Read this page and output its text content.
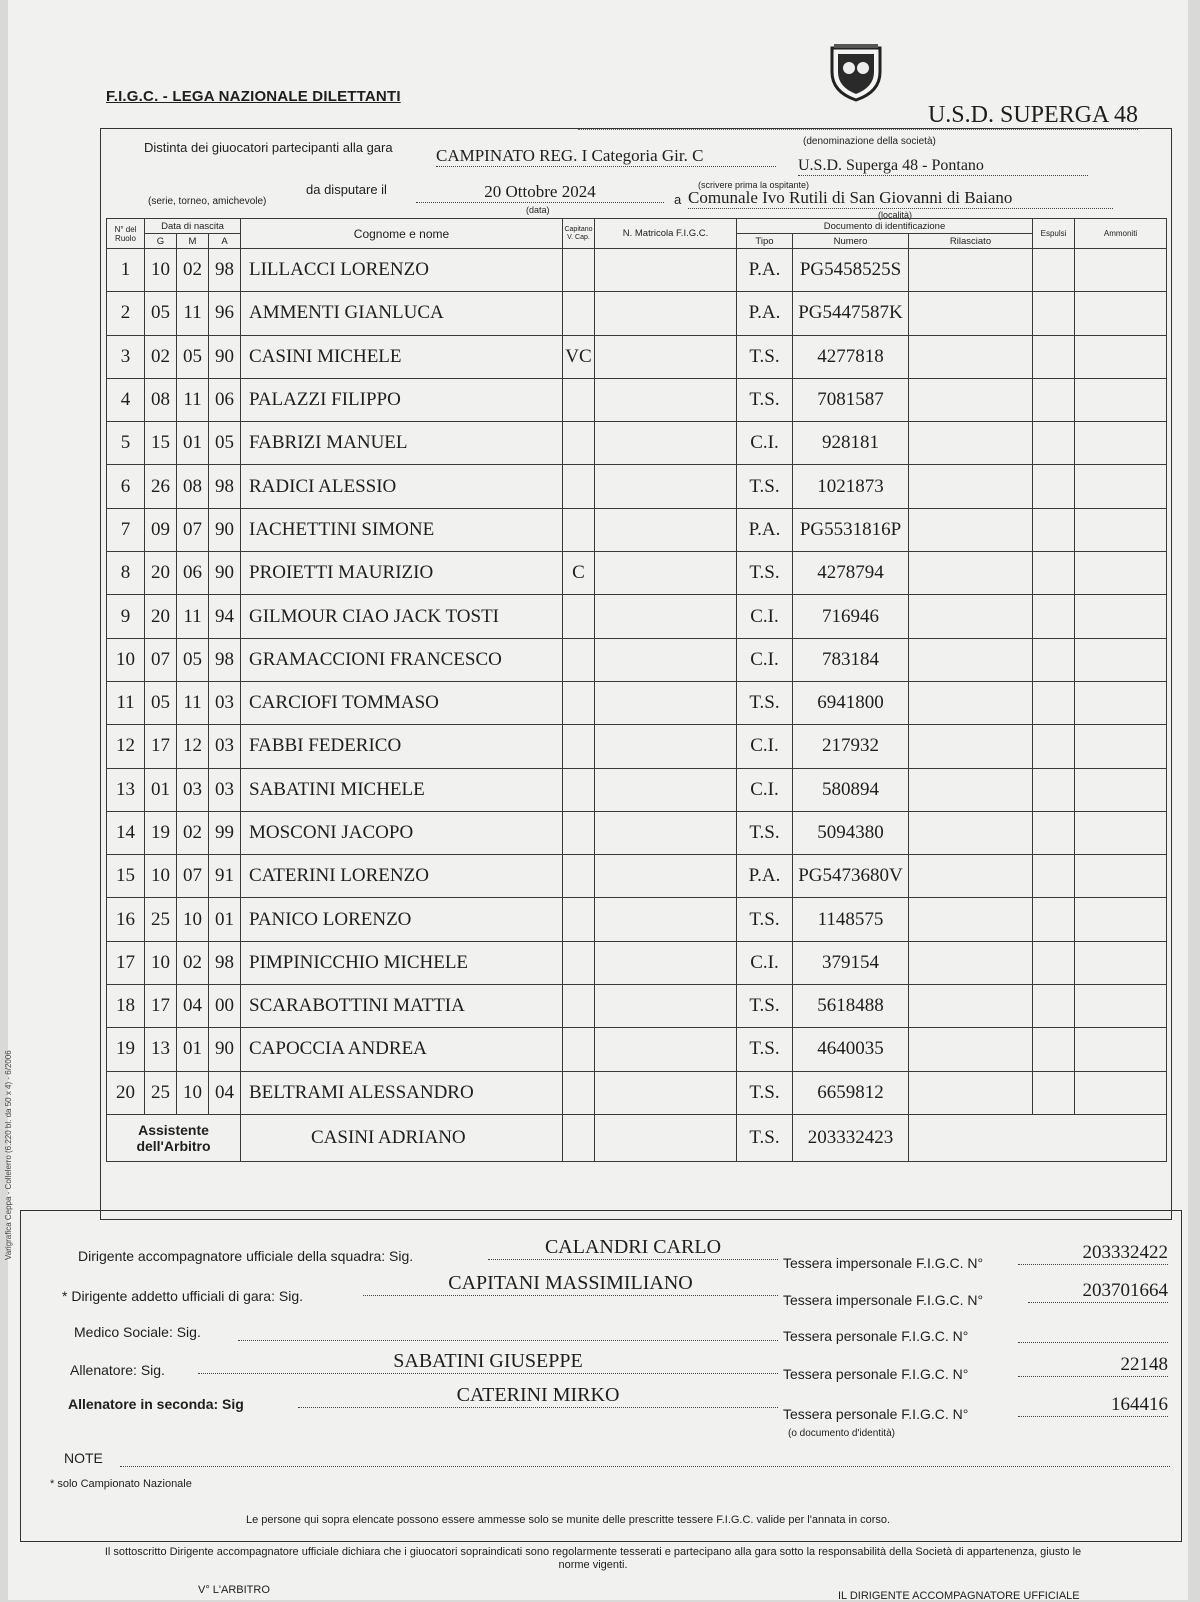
F.I.G.C. - LEGA NAZIONALE DILETTANTI
U.S.D. SUPERGA 48
(denominazione della società)
Distinta dei giuocatori partecipanti alla gara	CAMPINATO REG. I Categoria Gir. C
U.S.D. Superga 48 - Pontano
(scrivere prima la ospitante)
(serie, torneo, amichevole)
da disputare il	20 Ottobre 2024
(data)
a Comunale Ivo Rutili di San Giovanni di Baiano
(località)
N° del Ruolo	Data di nascita			Cognome e nome	Capitano V. Cap.	N. Matricola F.I.G.C.	Documento di identificazione			Espulsi	Ammoniti
	G	M	A				Tipo	Numero	Rilasciato		
1	10	02	98	LILLACCI LORENZO			P.A.	PG5458525S			
2	05	11	96	AMMENTI GIANLUCA			P.A.	PG5447587K			
3	02	05	90	CASINI MICHELE	VC		T.S.	4277818			
4	08	11	06	PALAZZI FILIPPO			T.S.	7081587			
5	15	01	05	FABRIZI MANUEL			C.I.	928181			
6	26	08	98	RADICI ALESSIO			T.S.	1021873			
7	09	07	90	IACHETTINI SIMONE			P.A.	PG5531816P			
8	20	06	90	PROIETTI MAURIZIO	C		T.S.	4278794			
9	20	11	94	GILMOUR CIAO JACK TOSTI			C.I.	716946			
10	07	05	98	GRAMACCIONI FRANCESCO			C.I.	783184			
11	05	11	03	CARCIOFI TOMMASO			T.S.	6941800			
12	17	12	03	FABBI FEDERICO			C.I.	217932			
13	01	03	03	SABATINI MICHELE			C.I.	580894			
14	19	02	99	MOSCONI JACOPO			T.S.	5094380			
15	10	07	91	CATERINI LORENZO			P.A.	PG5473680V			
16	25	10	01	PANICO LORENZO			T.S.	1148575			
17	10	02	98	PIMPINICCHIO MICHELE			C.I.	379154			
18	17	04	00	SCARABOTTINI MATTIA			T.S.	5618488			
19	13	01	90	CAPOCCIA ANDREA			T.S.	4640035			
20	25	10	04	BELTRAMI ALESSANDRO			T.S.	6659812			
Assistente dell'Arbitro				CASINI ADRIANO			T.S.	203332423			
Dirigente accompagnatore ufficiale della squadra: Sig.	CALANDRI CARLO
Tessera impersonale F.I.G.C. N°	203332422
* Dirigente addetto ufficiali di gara: Sig.
CAPITANI MASSIMILIANO
Tessera impersonale F.I.G.C. N°	203701664
Medico Sociale: Sig.	Tessera personale F.I.G.C. N°
Allenatore: Sig.	SABATINI GIUSEPPE
Tessera personale F.I.G.C. N°	22148
Allenatore in seconda: Sig	CATERINI MIRKO
Tessera personale F.I.G.C. N°	164416
(o documento d'identità)
NOTE
* solo Campionato Nazionale
Le persone qui sopra elencate possono essere ammesse solo se munite delle prescritte tessere F.I.G.C. valide per l'annata in corso.
Il sottoscritto Dirigente accompagnatore ufficiale dichiara che i giuocatori sopraindicati sono regolarmente tesserati e partecipano alla gara sotto la responsabilità della Società di appartenenza, giusto le norme vigenti.
V° L'ARBITRO	IL DIRIGENTE ACCOMPAGNATORE UFFICIALE
Varigrafica Ceppa - Collelerro (6.220 bl. da 50 x 4) - 6/2006
